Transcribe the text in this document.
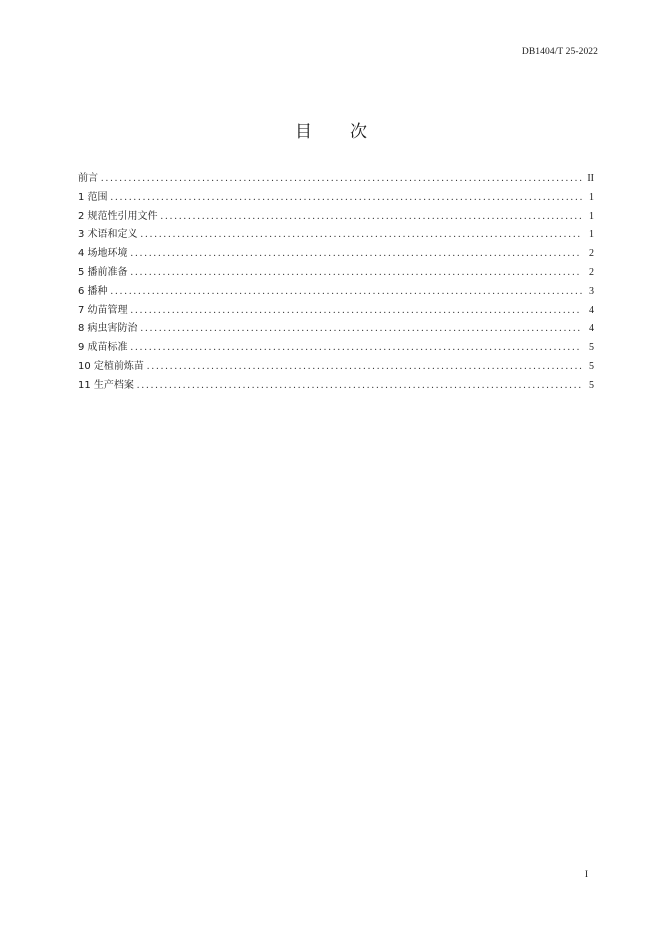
DB1404/T 25-2022
目次
前言 .....	II
1 范围 .....	1
2 规范性引用文件 .....	1
3 术语和定义 .....	1
4 场地环境 .....	2
5 播前准备 .....	2
6 播种 .....	3
7 幼苗管理 .....	4
8 病虫害防治 .....	4
9 成苗标准 .....	5
10 定植前炼苗 .....	5
11 生产档案 .....	5
I
